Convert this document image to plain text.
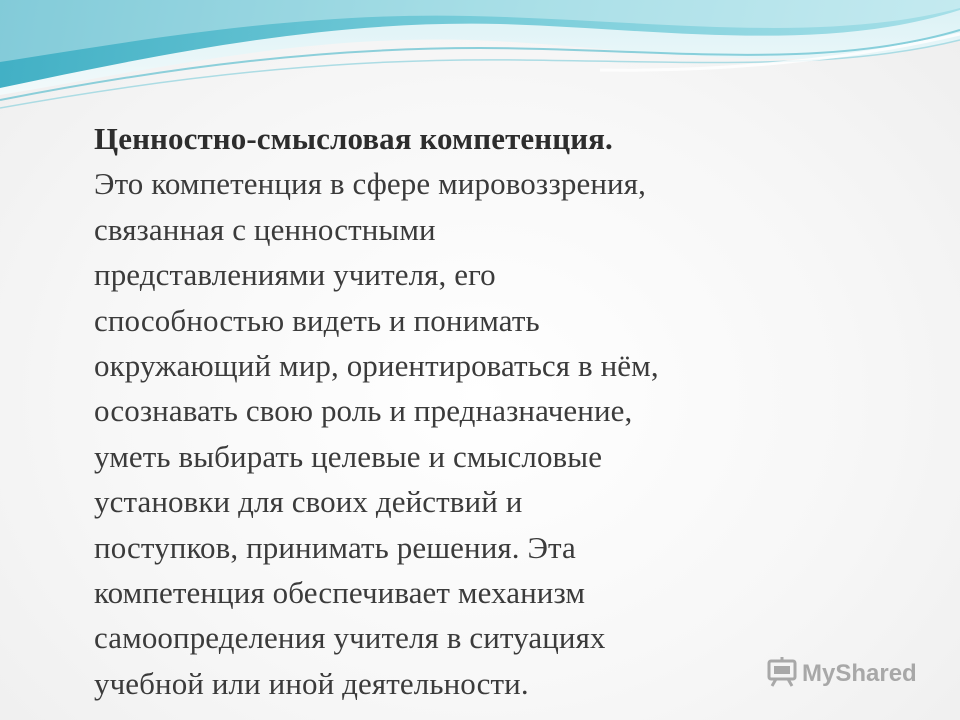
Ценностно-смысловая компетенция.
Это компетенция в сфере мировоззрения,
связанная с ценностными
представлениями учителя, его
способностью видеть и понимать
окружающий мир, ориентироваться в нём,
осознавать свою роль и предназначение,
уметь выбирать целевые и смысловые
установки для своих действий и
поступков, принимать решения. Эта
компетенция обеспечивает механизм
самоопределения учителя в ситуациях
учебной или иной деятельности.	MyShared
